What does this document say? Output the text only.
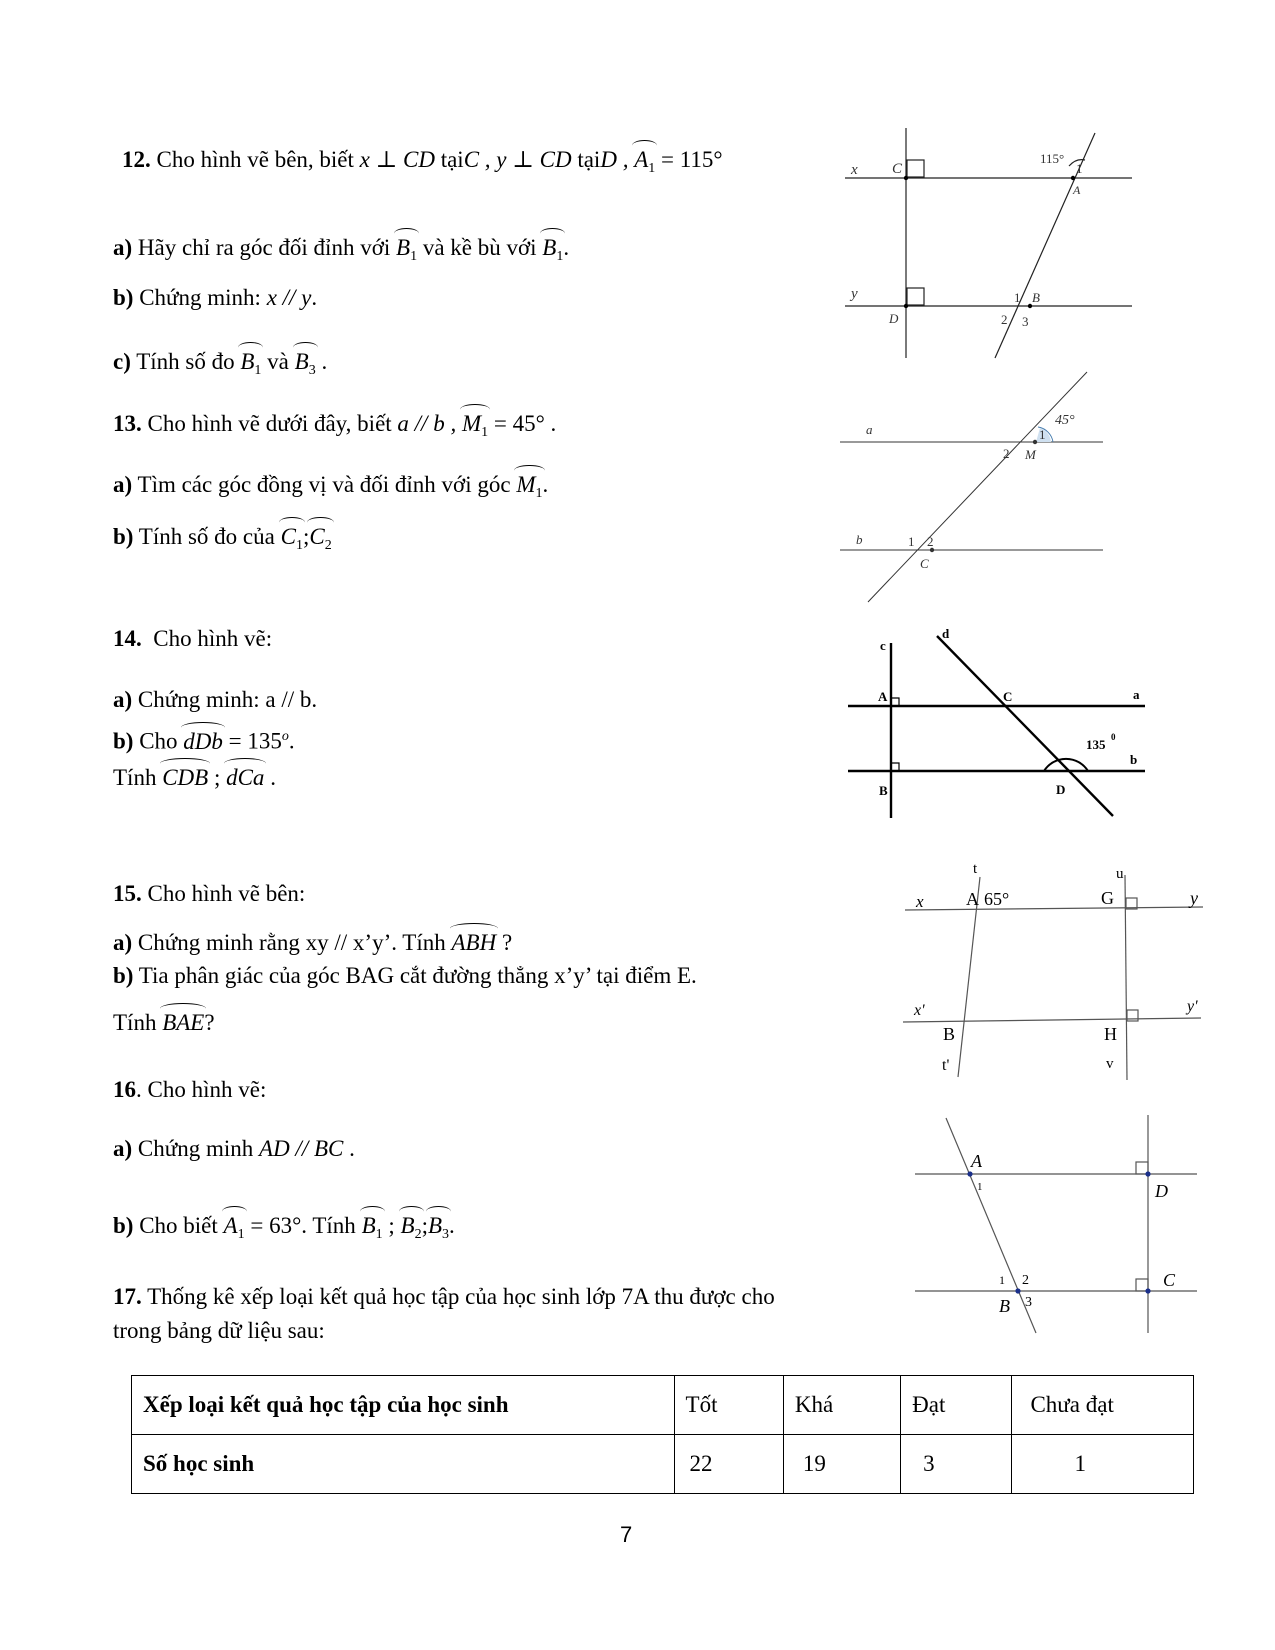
12. Cho hình vẽ bên, biết x ⊥ CD tạiC , y ⊥ CD tạiD , $A_1 = 115^\circ$
a) Hãy chỉ ra góc đối đỉnh với $B_1$ và kề bù với $B_1$.
b) Chứng minh: x // y.
c) Tính số đo $B_1$ và $B_3$ .
x C
115°
1
A
y
D
1 B
2 3
13. Cho hình vẽ dưới đây, biết a // b , $M_1 = 45^\circ$ .
a) Tìm các góc đồng vị và đối đỉnh với góc $M_1$.
b) Tính số đo của $C_1;C_2$
a
45°
1
2 M
b	1 2
C
14. Cho hình vẽ:
a) Chứng minh: a // b.
b) Cho dDb = $135^o$.
Tính CDB ; dCa .
c
d
A	C	a
135 0
b
B	D
15. Cho hình vẽ bên:
a) Chứng minh rằng xy // x’y’. Tính ABH ?
b) Tia phân giác của góc BAG cắt đường thẳng x’y’ tại điểm E.
Tính BAE?
t	u
x A 65°	G	y
x'	y'
B	H
t'	v
16. Cho hình vẽ:
a) Chứng minh AD // BC .
b) Cho biết $A_1 = 63^\circ$. Tính $B_1$ ; $B_2;B_3$.
A
1	D
1 2	C
B 3
17. Thống kê xếp loại kết quả học tập của học sinh lớp 7A thu được cho
trong bảng dữ liệu sau:
Xếp loại kết quả học tập của học sinh	Tốt	Khá	Đạt	Chưa đạt
Số học sinh	22	19	3	1
7
